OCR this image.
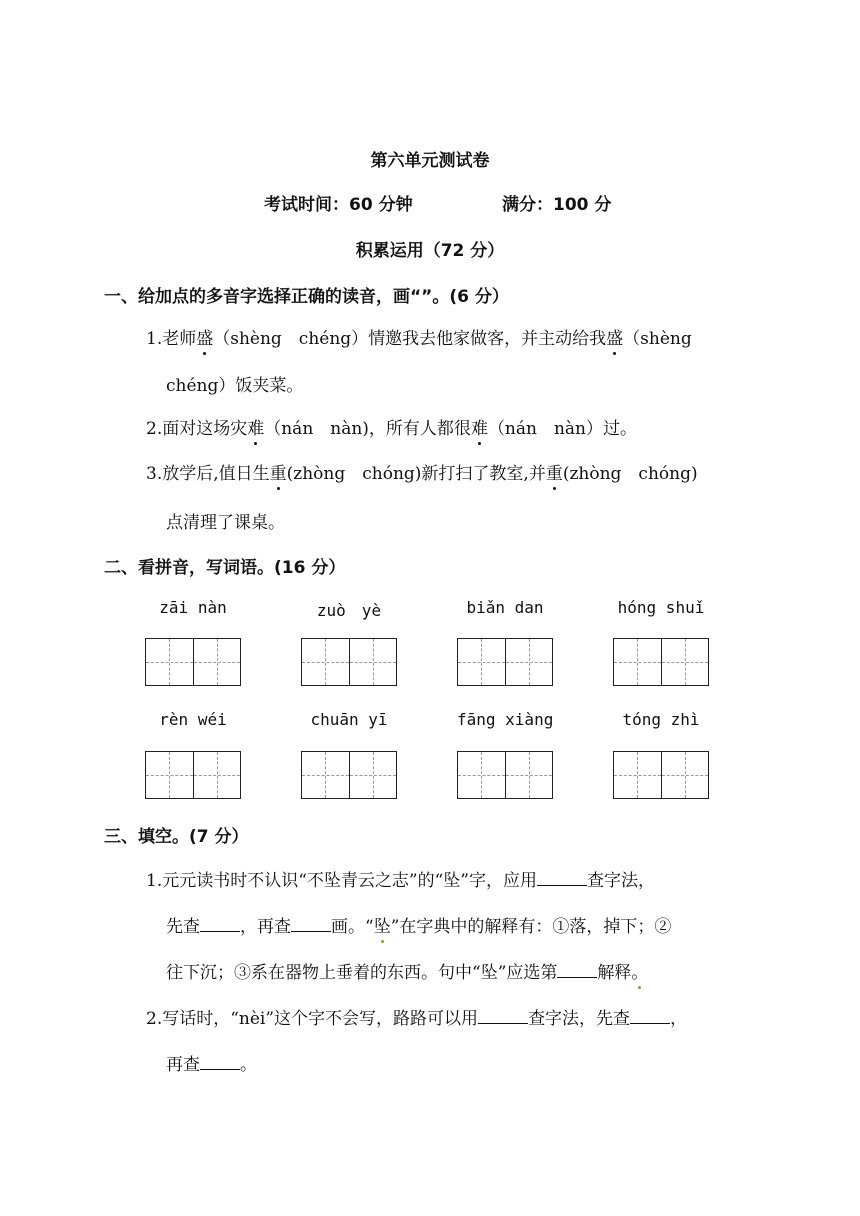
第六单元测试卷
考试时间：60 分钟	满分：100 分
积累运用（72 分）
一、给加点的多音字选择正确的读音，画“”。(6 分）
1.老师盛（shèng　chéng）情邀我去他家做客，并主动给我盛（shèng
chéng）饭夹菜。
2.面对这场灾难（nán　nàn)，所有人都很难（nán　nàn）过。
3.放学后,值日生重(zhòng　chóng)新打扫了教室,并重(zhòng　chóng)
点清理了课桌。
二、看拼音，写词语。(16 分）
zāi nàn	zuò　yè	biǎn dan	hóng shuǐ
rèn wéi	chuān yī	fāng xiàng	tóng zhì
三、填空。(7 分）
1.元元读书时不认识“不坠青云之志”的“坠”字，应用	查字法，
先查 ，再查 画。“坠”在字典中的解释有：①落，掉下；②
往下沉；③系在器物上垂着的东西。句中“坠”应选第 解释。
2.写话时，“nèi”这个字不会写，路路可以用	查字法，先查 ，
再查 。
